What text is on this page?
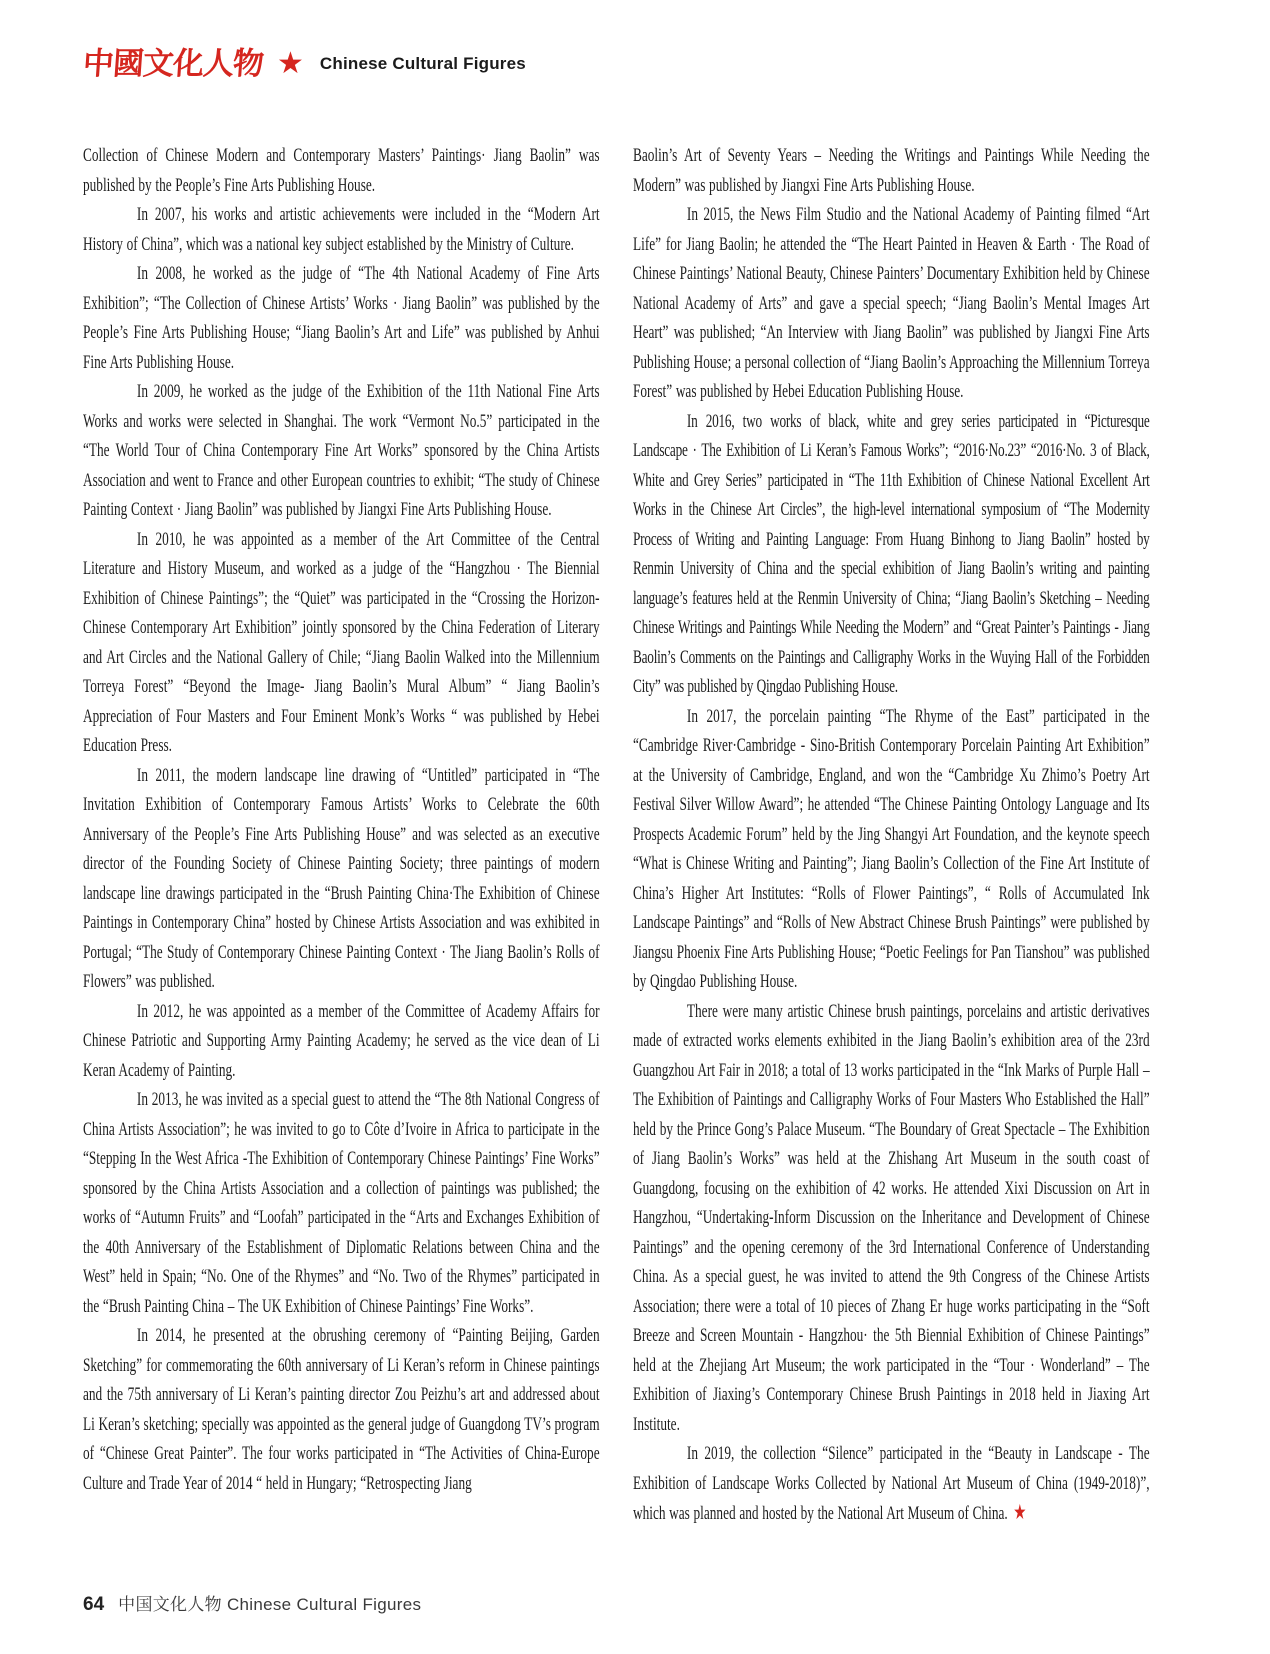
中國文化人物 ★ Chinese Cultural Figures

Collection of Chinese Modern and Contemporary Masters’ Paintings· Jiang Baolin” was published by the People’s Fine Arts Publishing House.

In 2007, his works and artistic achievements were included in the “Modern Art History of China”, which was a national key subject established by the Ministry of Culture.

In 2008, he worked as the judge of “The 4th National Academy of Fine Arts Exhibition”; “The Collection of Chinese Artists’ Works · Jiang Baolin” was published by the People’s Fine Arts Publishing House; “Jiang Baolin’s Art and Life” was published by Anhui Fine Arts Publishing House.

In 2009, he worked as the judge of the Exhibition of the 11th National Fine Arts Works and works were selected in Shanghai. The work “Vermont No.5” participated in the “The World Tour of China Contemporary Fine Art Works” sponsored by the China Artists Association and went to France and other European countries to exhibit; “The study of Chinese Painting Context · Jiang Baolin” was published by Jiangxi Fine Arts Publishing House.

In 2010, he was appointed as a member of the Art Committee of the Central Literature and History Museum, and worked as a judge of the “Hangzhou · The Biennial Exhibition of Chinese Paintings”; the “Quiet” was participated in the “Crossing the Horizon-Chinese Contemporary Art Exhibition” jointly sponsored by the China Federation of Literary and Art Circles and the National Gallery of Chile; “Jiang Baolin Walked into the Millennium Torreya Forest” “Beyond the Image- Jiang Baolin’s Mural Album” “ Jiang Baolin’s Appreciation of Four Masters and Four Eminent Monk’s Works “ was published by Hebei Education Press.

In 2011, the modern landscape line drawing of “Untitled” participated in “The Invitation Exhibition of Contemporary Famous Artists’ Works to Celebrate the 60th Anniversary of the People’s Fine Arts Publishing House” and was selected as an executive director of the Founding Society of Chinese Painting Society; three paintings of modern landscape line drawings participated in the “Brush Painting China·The Exhibition of Chinese Paintings in Contemporary China” hosted by Chinese Artists Association and was exhibited in Portugal; “The Study of Contemporary Chinese Painting Context · The Jiang Baolin’s Rolls of Flowers” was published.

In 2012, he was appointed as a member of the Committee of Academy Affairs for Chinese Patriotic and Supporting Army Painting Academy; he served as the vice dean of Li Keran Academy of Painting.

In 2013, he was invited as a special guest to attend the “The 8th National Congress of China Artists Association”; he was invited to go to Côte d’Ivoire in Africa to participate in the “Stepping In the West Africa -The Exhibition of Contemporary Chinese Paintings’ Fine Works” sponsored by the China Artists Association and a collection of paintings was published; the works of “Autumn Fruits” and “Loofah” participated in the “Arts and Exchanges Exhibition of the 40th Anniversary of the Establishment of Diplomatic Relations between China and the West” held in Spain; “No. One of the Rhymes” and “No. Two of the Rhymes” participated in the “Brush Painting China – The UK Exhibition of Chinese Paintings’ Fine Works”.

In 2014, he presented at the obrushing ceremony of “Painting Beijing, Garden Sketching” for commemorating the 60th anniversary of Li Keran’s reform in Chinese paintings and the 75th anniversary of Li Keran’s painting director Zou Peizhu’s art and addressed about Li Keran’s sketching; specially was appointed as the general judge of Guangdong TV’s program of “Chinese Great Painter”. The four works participated in “The Activities of China-Europe Culture and Trade Year of 2014 “ held in Hungary; “Retrospecting Jiang

Baolin’s Art of Seventy Years – Needing the Writings and Paintings While Needing the Modern” was published by Jiangxi Fine Arts Publishing House.

In 2015, the News Film Studio and the National Academy of Painting filmed “Art Life” for Jiang Baolin; he attended the “The Heart Painted in Heaven & Earth · The Road of Chinese Paintings’ National Beauty, Chinese Painters’ Documentary Exhibition held by Chinese National Academy of Arts” and gave a special speech; “Jiang Baolin’s Mental Images Art Heart” was published; “An Interview with Jiang Baolin” was published by Jiangxi Fine Arts Publishing House; a personal collection of “Jiang Baolin’s Approaching the Millennium Torreya Forest” was published by Hebei Education Publishing House.

In 2016, two works of black, white and grey series participated in “Picturesque Landscape · The Exhibition of Li Keran’s Famous Works”; “2016·No.23” “2016·No. 3 of Black, White and Grey Series” participated in “The 11th Exhibition of Chinese National Excellent Art Works in the Chinese Art Circles”, the high-level international symposium of “The Modernity Process of Writing and Painting Language: From Huang Binhong to Jiang Baolin” hosted by Renmin University of China and the special exhibition of Jiang Baolin’s writing and painting language’s features held at the Renmin University of China; “Jiang Baolin’s Sketching – Needing Chinese Writings and Paintings While Needing the Modern” and “Great Painter’s Paintings - Jiang Baolin’s Comments on the Paintings and Calligraphy Works in the Wuying Hall of the Forbidden City” was published by Qingdao Publishing House.

In 2017, the porcelain painting “The Rhyme of the East” participated in the “Cambridge River·Cambridge - Sino-British Contemporary Porcelain Painting Art Exhibition” at the University of Cambridge, England, and won the “Cambridge Xu Zhimo’s Poetry Art Festival Silver Willow Award”; he attended “The Chinese Painting Ontology Language and Its Prospects Academic Forum” held by the Jing Shangyi Art Foundation, and the keynote speech “What is Chinese Writing and Painting”; Jiang Baolin’s Collection of the Fine Art Institute of China’s Higher Art Institutes: “Rolls of Flower Paintings”, “ Rolls of Accumulated Ink Landscape Paintings” and “Rolls of New Abstract Chinese Brush Paintings” were published by Jiangsu Phoenix Fine Arts Publishing House; “Poetic Feelings for Pan Tianshou” was published by Qingdao Publishing House.

There were many artistic Chinese brush paintings, porcelains and artistic derivatives made of extracted works elements exhibited in the Jiang Baolin’s exhibition area of the 23rd Guangzhou Art Fair in 2018; a total of 13 works participated in the “Ink Marks of Purple Hall – The Exhibition of Paintings and Calligraphy Works of Four Masters Who Established the Hall” held by the Prince Gong’s Palace Museum. “The Boundary of Great Spectacle – The Exhibition of Jiang Baolin’s Works” was held at the Zhishang Art Museum in the south coast of Guangdong, focusing on the exhibition of 42 works. He attended Xixi Discussion on Art in Hangzhou, “Undertaking-Inform Discussion on the Inheritance and Development of Chinese Paintings” and the opening ceremony of the 3rd International Conference of Understanding China. As a special guest, he was invited to attend the 9th Congress of the Chinese Artists Association; there were a total of 10 pieces of Zhang Er huge works participating in the “Soft Breeze and Screen Mountain - Hangzhou· the 5th Biennial Exhibition of Chinese Paintings” held at the Zhejiang Art Museum; the work participated in the “Tour · Wonderland” – The Exhibition of Jiaxing’s Contemporary Chinese Brush Paintings in 2018 held in Jiaxing Art Institute.

In 2019, the collection “Silence” participated in the “Beauty in Landscape - The Exhibition of Landscape Works Collected by National Art Museum of China (1949-2018)”, which was planned and hosted by the National Art Museum of China. ★

64 中国文化人物 Chinese Cultural Figures
